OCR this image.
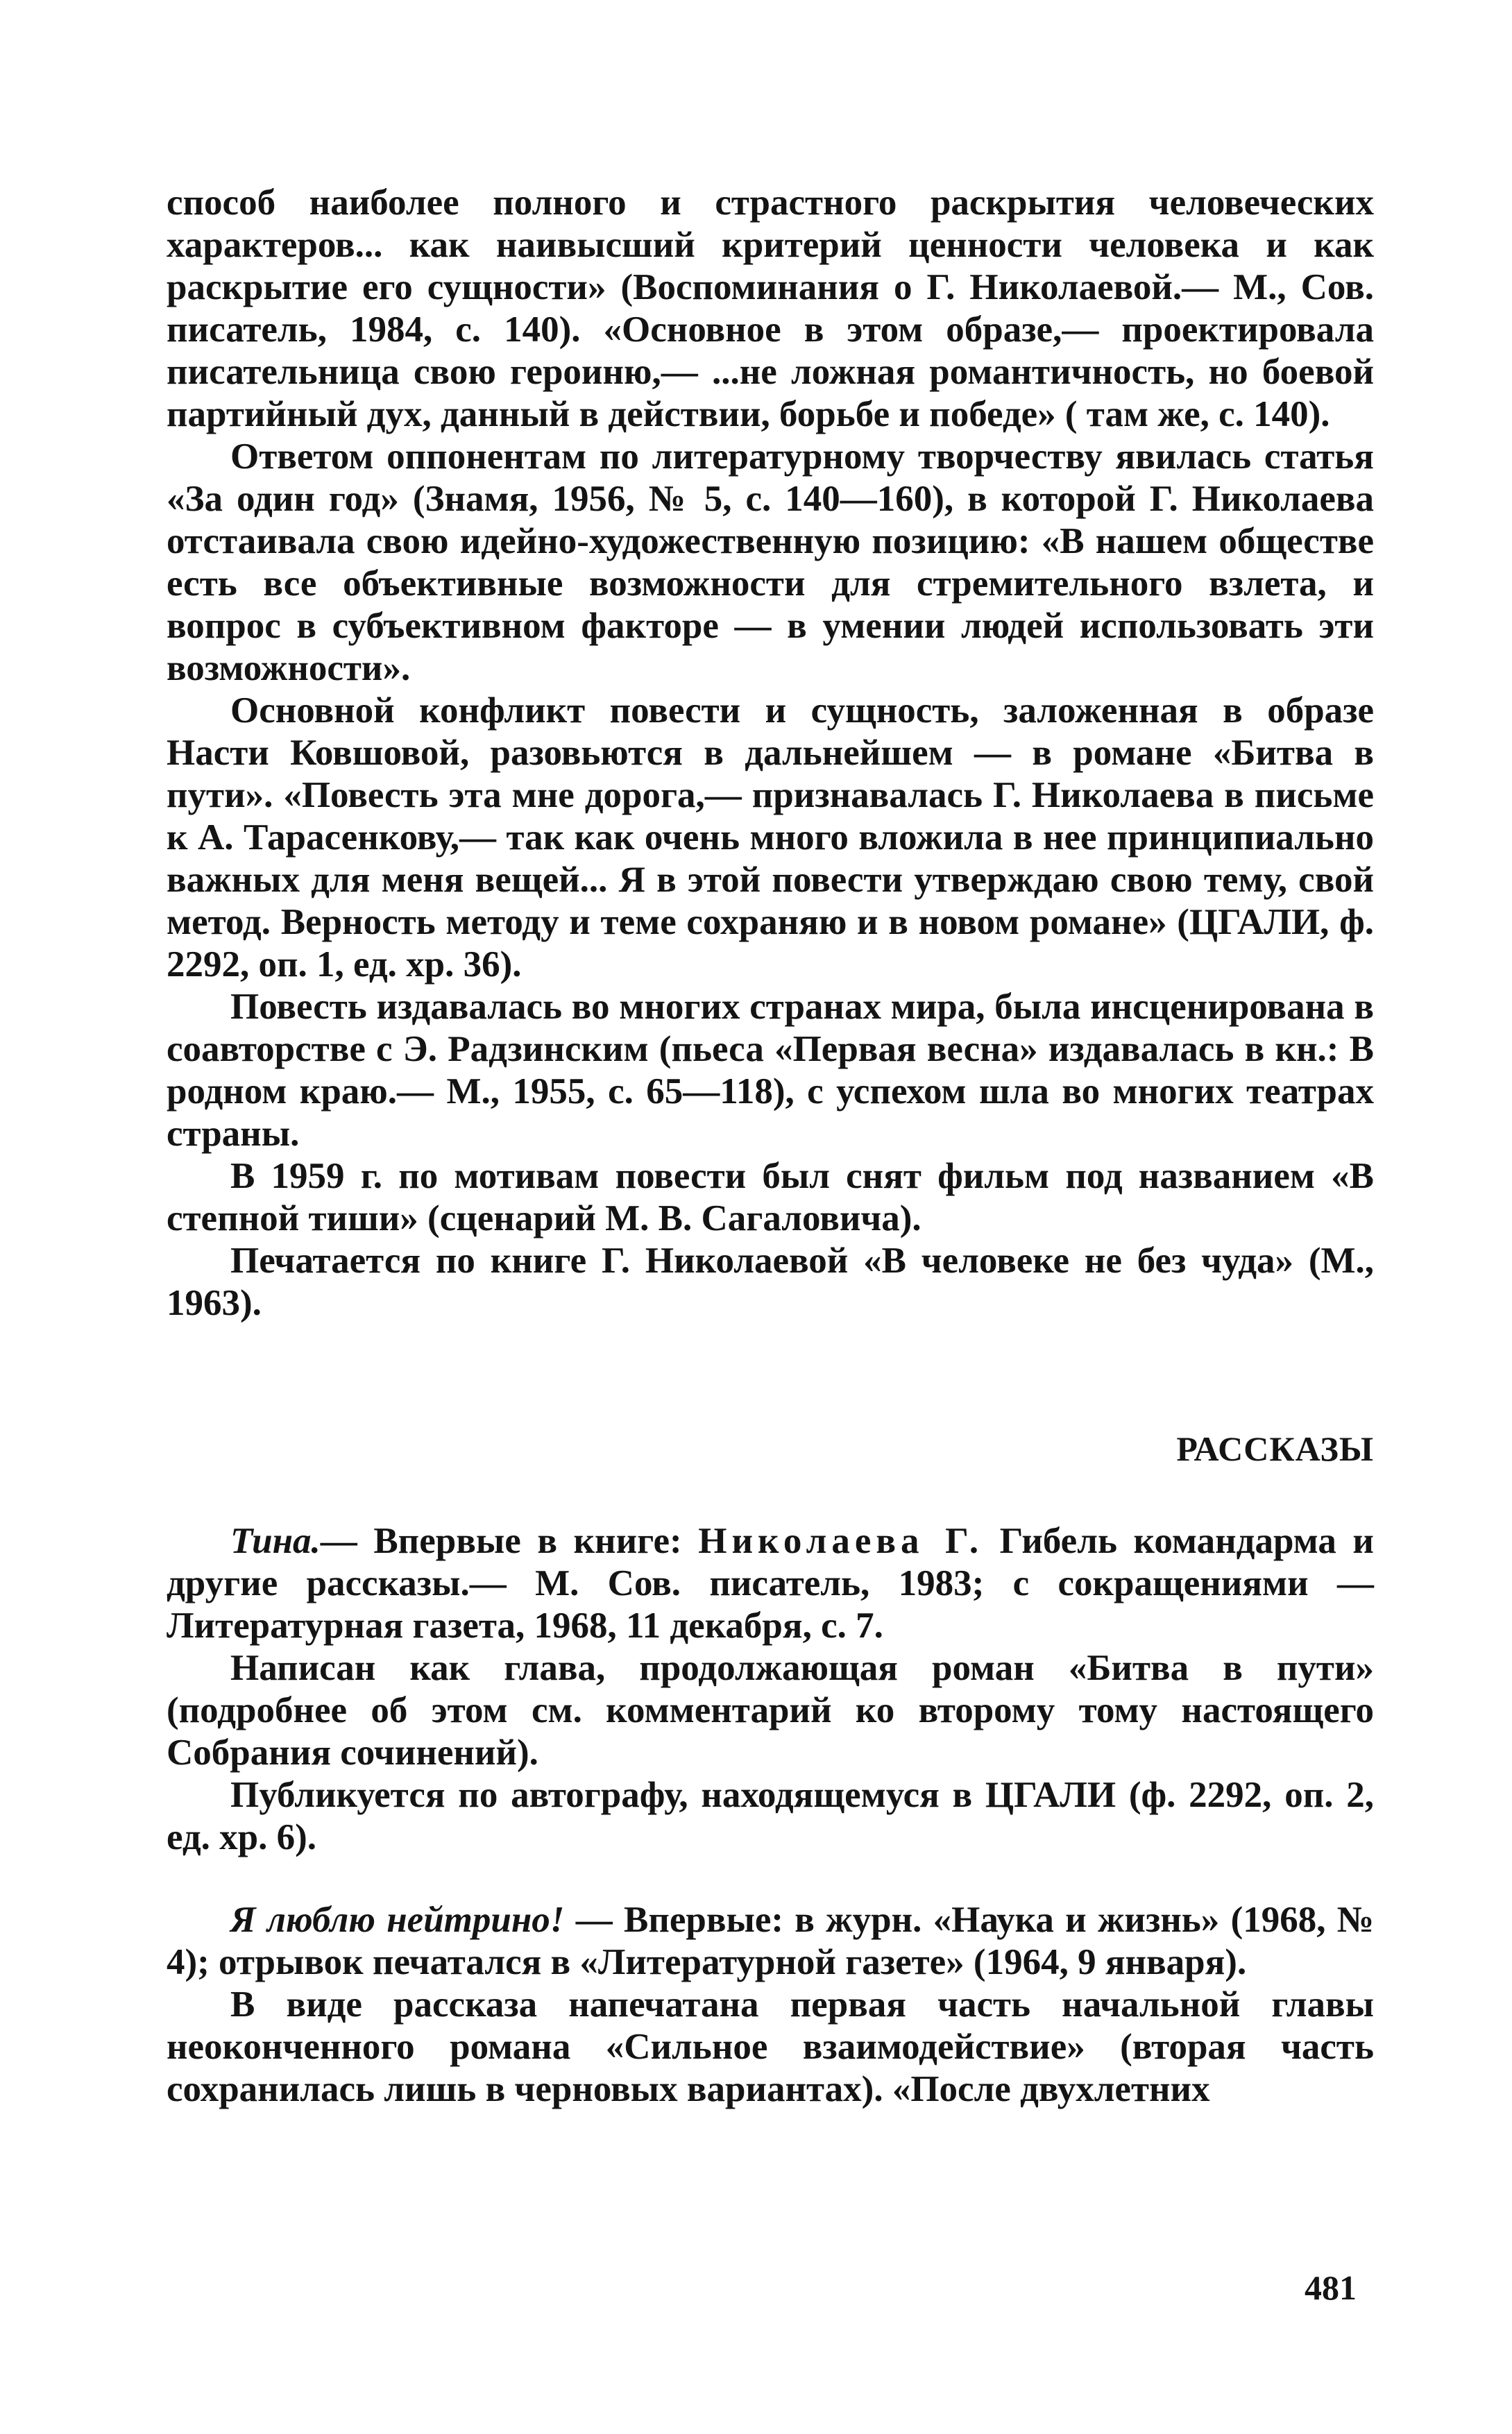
способ наиболее полного и страстного раскрытия человеческих характеров... как наивысший критерий ценности человека и как раскрытие его сущности» (Воспоминания о Г. Николаевой.— М., Сов. писатель, 1984, с. 140). «Основное в этом образе,— проектировала писательница свою героиню,— ...не ложная романтичность, но боевой партийный дух, данный в действии, борьбе и победе» ( там же, с. 140).

Ответом оппонентам по литературному творчеству явилась статья «За один год» (Знамя, 1956, № 5, с. 140—160), в которой Г. Николаева отстаивала свою идейно-художественную позицию: «В нашем обществе есть все объективные возможности для стремительного взлета, и вопрос в субъективном факторе — в умении людей использовать эти возможности».

Основной конфликт повести и сущность, заложенная в образе Насти Ковшовой, разовьются в дальнейшем — в романе «Битва в пути». «Повесть эта мне дорога,— признавалась Г. Николаева в письме к А. Тарасенкову,— так как очень много вложила в нее принципиально важных для меня вещей... Я в этой повести утверждаю свою тему, свой метод. Верность методу и теме сохраняю и в новом романе» (ЦГАЛИ, ф. 2292, оп. 1, ед. хр. 36).

Повесть издавалась во многих странах мира, была инсценирована в соавторстве с Э. Радзинским (пьеса «Первая весна» издавалась в кн.: В родном краю.— М., 1955, с. 65—118), с успехом шла во многих театрах страны.

В 1959 г. по мотивам повести был снят фильм под названием «В степной тиши» (сценарий М. В. Сагаловича).

Печатается по книге Г. Николаевой «В человеке не без чуда» (М., 1963).

РАССКАЗЫ

Тина.— Впервые в книге: Николаева Г. Гибель командарма и другие рассказы.— М. Сов. писатель, 1983; с сокращениями — Литературная газета, 1968, 11 декабря, с. 7.

Написан как глава, продолжающая роман «Битва в пути» (подробнее об этом см. комментарий ко второму тому настоящего Собрания сочинений).

Публикуется по автографу, находящемуся в ЦГАЛИ (ф. 2292, оп. 2, ед. хр. 6).

Я люблю нейтрино! — Впервые: в журн. «Наука и жизнь» (1968, № 4); отрывок печатался в «Литературной газете» (1964, 9 января).

В виде рассказа напечатана первая часть начальной главы неоконченного романа «Сильное взаимодействие» (вторая часть сохранилась лишь в черновых вариантах). «После двухлетних

481
